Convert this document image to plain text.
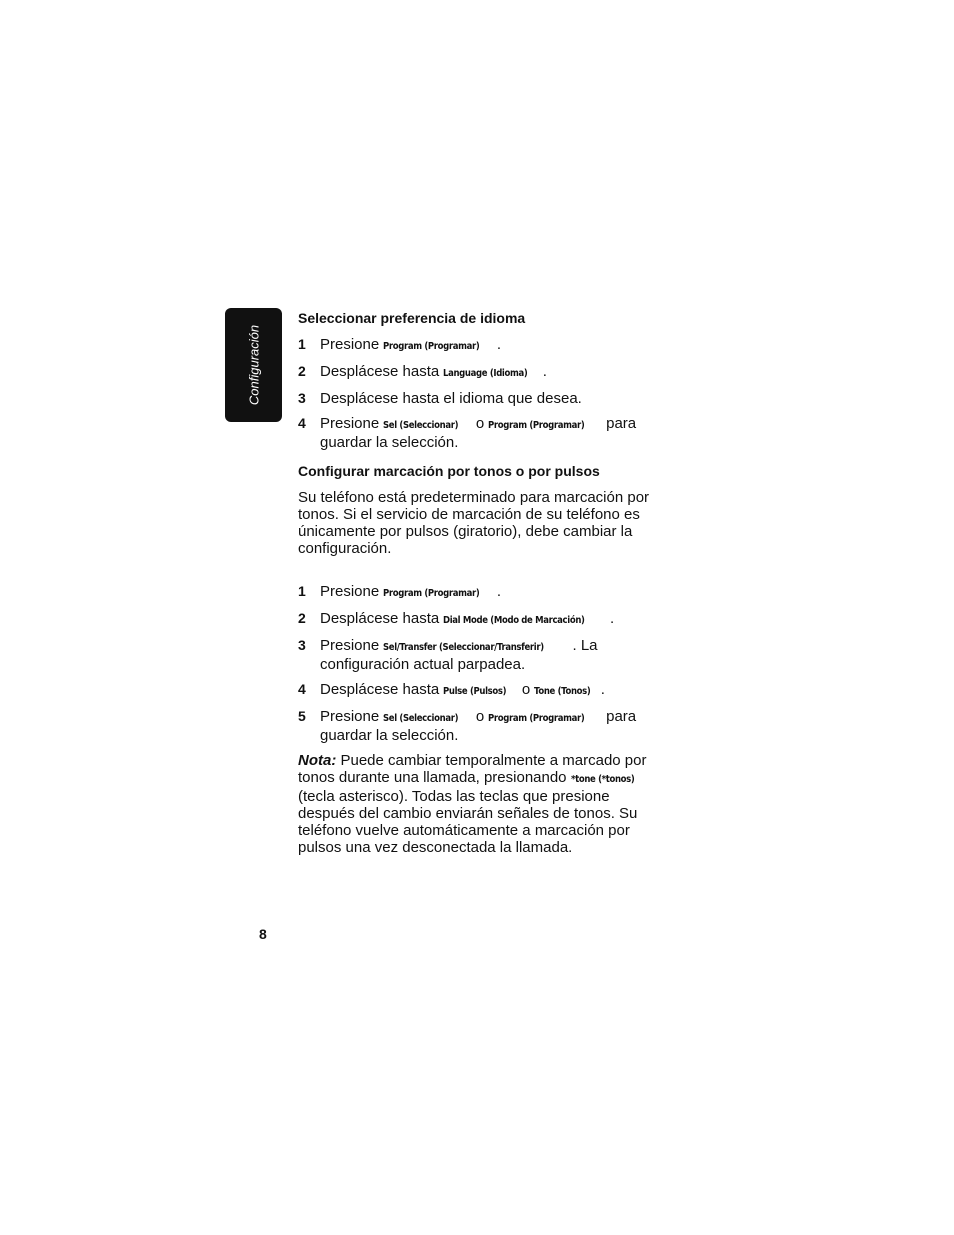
Configuración

Seleccionar preferencia de idioma

1 Presione Program (Programar) .
2 Desplácese hasta Language (Idioma) .
3 Desplácese hasta el idioma que desea.
4 Presione Sel (Seleccionar) o Program (Programar) para guardar la selección.

Configurar marcación por tonos o por pulsos

Su teléfono está predeterminado para marcación por tonos. Si el servicio de marcación de su teléfono es únicamente por pulsos (giratorio), debe cambiar la configuración.

1 Presione Program (Programar) .
2 Desplácese hasta Dial Mode (Modo de Marcación) .
3 Presione Sel/Transfer (Seleccionar/Transferir) . La configuración actual parpadea.
4 Desplácese hasta Pulse (Pulsos) o Tone (Tonos) .
5 Presione Sel (Seleccionar) o Program (Programar) para guardar la selección.

Nota: Puede cambiar temporalmente a marcado por tonos durante una llamada, presionando *tone (*tonos) (tecla asterisco). Todas las teclas que presione después del cambio enviarán señales de tonos. Su teléfono vuelve automáticamente a marcación por pulsos una vez desconectada la llamada.

8
